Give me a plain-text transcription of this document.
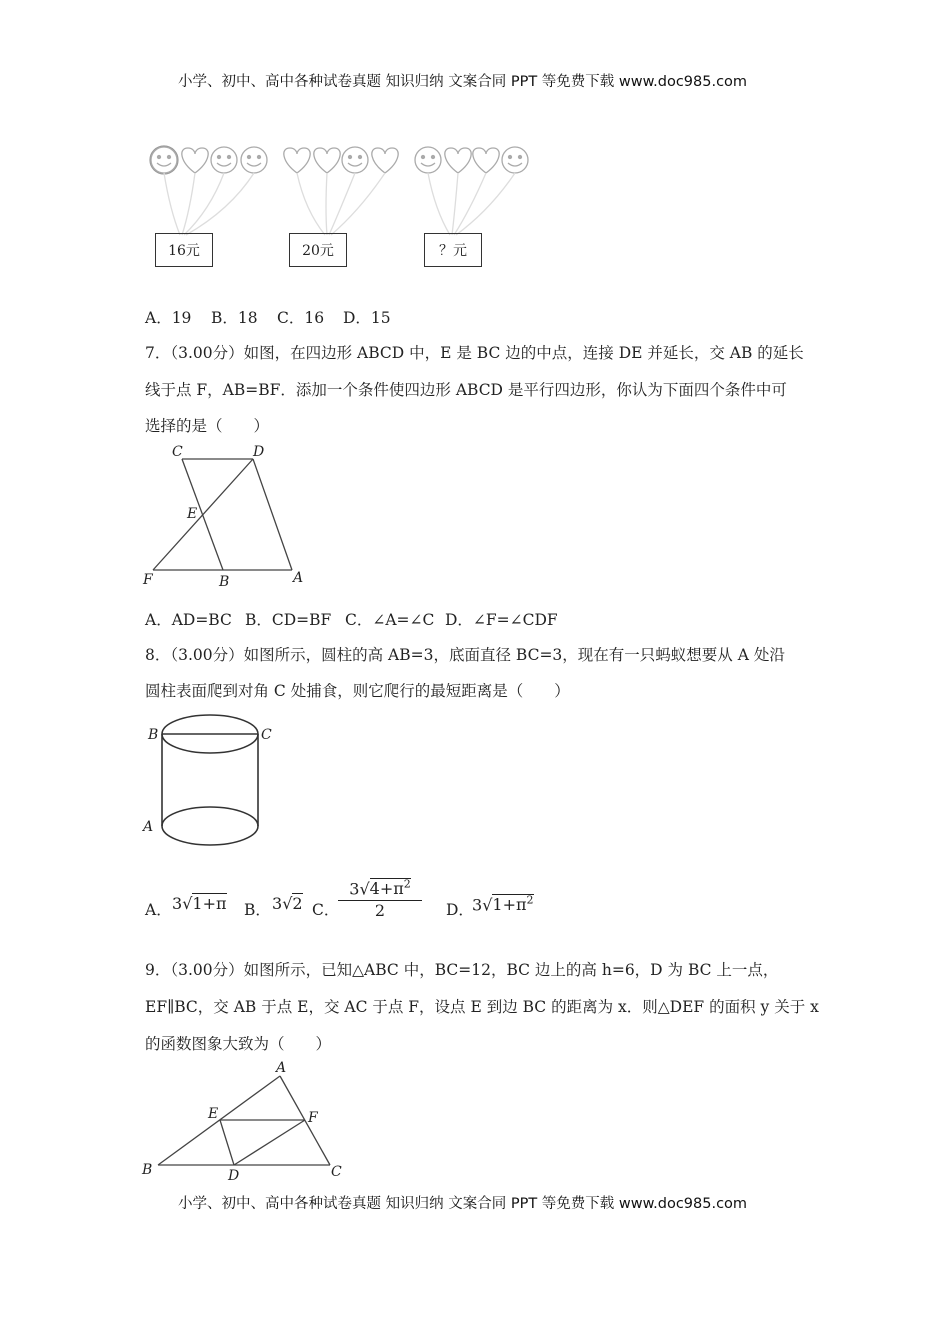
小学、初中、高中各种试卷真题 知识归纳 文案合同 PPT 等免费下载 www.doc985.com
16元	20元	？元
A．19 B．18 C．16 D．15
7．（3.00分）如图，在四边形 ABCD 中，E 是 BC 边的中点，连接 DE 并延长，交 AB 的延长
线于点 F，AB=BF．添加一个条件使四边形 ABCD 是平行四边形，你认为下面四个条件中可
选择的是（　　）
C	D
E
F	B	A
A．AD=BC B．CD=BF C．∠A=∠C D．∠F=∠CDF
8．（3.00分）如图所示，圆柱的高 AB=3，底面直径 BC=3，现在有一只蚂蚁想要从 A 处沿
圆柱表面爬到对角 C 处捕食，则它爬行的最短距离是（　　）
B	C
A
A． 3√1+π B． 3√2 C．
$3√4+\pi^2$
2	D．
$3√1+\pi^2$
9．（3.00分）如图所示，已知△ABC 中，BC=12，BC 边上的高 h=6，D 为 BC 上一点，
EF∥BC，交 AB 于点 E，交 AC 于点 F，设点 E 到边 BC 的距离为 x．则△DEF 的面积 y 关于 x
的函数图象大致为（　　）
A
E	F
B	D	C
小学、初中、高中各种试卷真题 知识归纳 文案合同 PPT 等免费下载 www.doc985.com
